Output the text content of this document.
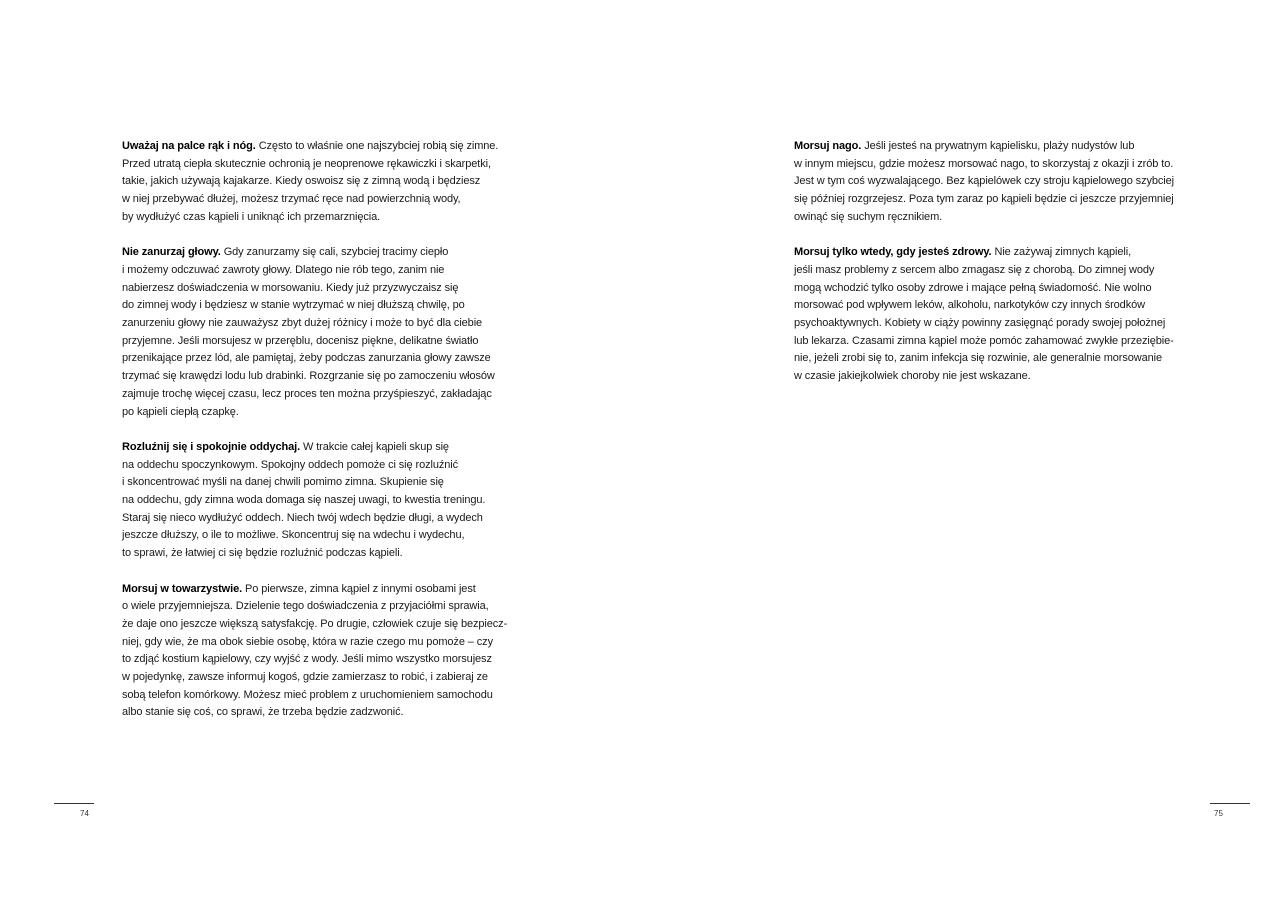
Uważaj na palce rąk i nóg. Często to właśnie one najszybciej robią się zimne.
Przed utratą ciepła skutecznie ochronią je neoprenowe rękawiczki i skarpetki,
takie, jakich używają kajakarze. Kiedy oswoisz się z zimną wodą i będziesz
w niej przebywać dłużej, możesz trzymać ręce nad powierzchnią wody,
by wydłużyć czas kąpieli i uniknąć ich przemarznięcia.

Nie zanurzaj głowy. Gdy zanurzamy się cali, szybciej tracimy ciepło
i możemy odczuwać zawroty głowy. Dlatego nie rób tego, zanim nie
nabierzesz doświadczenia w morsowaniu. Kiedy już przyzwyczaisz się
do zimnej wody i będziesz w stanie wytrzymać w niej dłuższą chwilę, po
zanurzeniu głowy nie zauważysz zbyt dużej różnicy i może to być dla ciebie
przyjemne. Jeśli morsujesz w przeręblu, docenisz piękne, delikatne światło
przenikające przez lód, ale pamiętaj, żeby podczas zanurzania głowy zawsze
trzymać się krawędzi lodu lub drabinki. Rozgrzanie się po zamoczeniu włosów
zajmuje trochę więcej czasu, lecz proces ten można przyśpieszyć, zakładając
po kąpieli ciepłą czapkę.

Rozluźnij się i spokojnie oddychaj. W trakcie całej kąpieli skup się
na oddechu spoczynkowym. Spokojny oddech pomoże ci się rozluźnić
i skoncentrować myśli na danej chwili pomimo zimna. Skupienie się
na oddechu, gdy zimna woda domaga się naszej uwagi, to kwestia treningu.
Staraj się nieco wydłużyć oddech. Niech twój wdech będzie długi, a wydech
jeszcze dłuższy, o ile to możliwe. Skoncentruj się na wdechu i wydechu,
to sprawi, że łatwiej ci się będzie rozluźnić podczas kąpieli.

Morsuj w towarzystwie. Po pierwsze, zimna kąpiel z innymi osobami jest
o wiele przyjemniejsza. Dzielenie tego doświadczenia z przyjaciółmi sprawia,
że daje ono jeszcze większą satysfakcję. Po drugie, człowiek czuje się bezpiecz-
niej, gdy wie, że ma obok siebie osobę, która w razie czego mu pomoże – czy
to zdjąć kostium kąpielowy, czy wyjść z wody. Jeśli mimo wszystko morsujesz
w pojedynkę, zawsze informuj kogoś, gdzie zamierzasz to robić, i zabieraj ze
sobą telefon komórkowy. Możesz mieć problem z uruchomieniem samochodu
albo stanie się coś, co sprawi, że trzeba będzie zadzwonić.

74

Morsuj nago. Jeśli jesteś na prywatnym kąpielisku, plaży nudystów lub
w innym miejscu, gdzie możesz morsować nago, to skorzystaj z okazji i zrób to.
Jest w tym coś wyzwalającego. Bez kąpielówek czy stroju kąpielowego szybciej
się później rozgrzejesz. Poza tym zaraz po kąpieli będzie ci jeszcze przyjemniej
owinąć się suchym ręcznikiem.

Morsuj tylko wtedy, gdy jesteś zdrowy. Nie zażywaj zimnych kąpieli,
jeśli masz problemy z sercem albo zmagasz się z chorobą. Do zimnej wody
mogą wchodzić tylko osoby zdrowe i mające pełną świadomość. Nie wolno
morsować pod wpływem leków, alkoholu, narkotyków czy innych środków
psychoaktywnych. Kobiety w ciąży powinny zasięgnąć porady swojej położnej
lub lekarza. Czasami zimna kąpiel może pomóc zahamować zwykłe przeziębie-
nie, jeżeli zrobi się to, zanim infekcja się rozwinie, ale generalnie morsowanie
w czasie jakiejkolwiek choroby nie jest wskazane.

75
